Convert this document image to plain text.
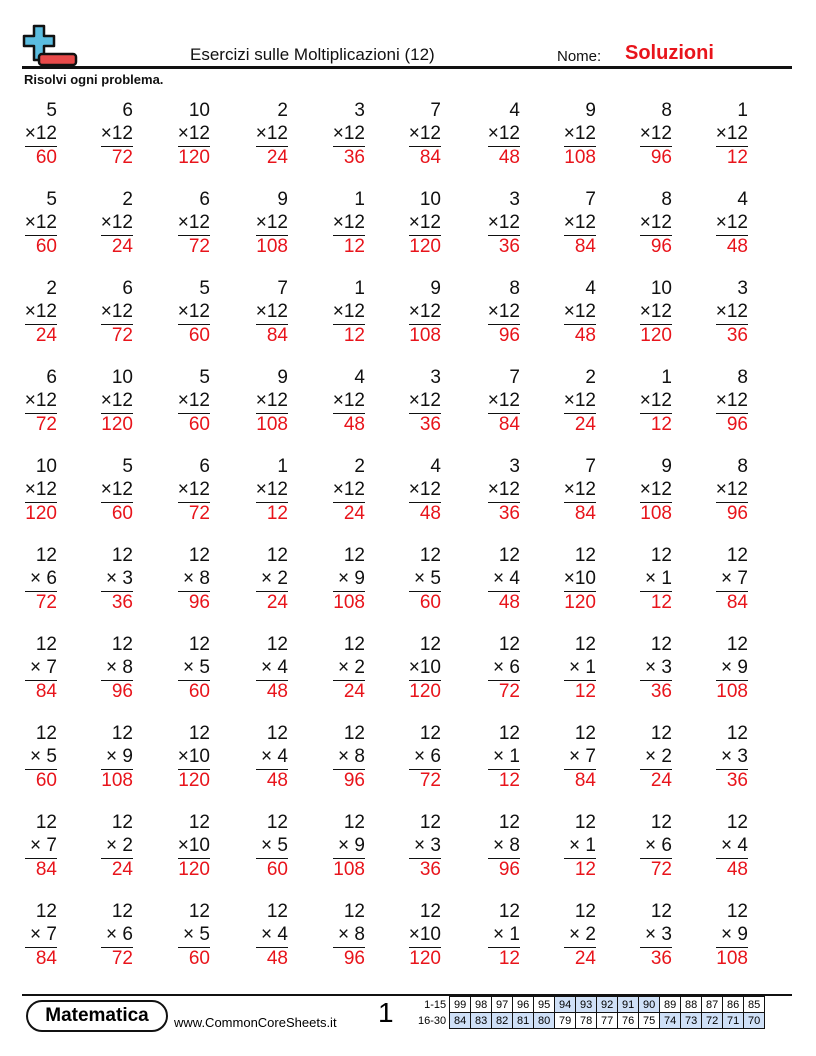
Esercizi sulle Moltiplicazioni (12)	Nome: Soluzioni
Risolvi ogni problema.
5
×12
60
6
×12
72
10
×12
120
2
×12
24
3
×12
36
7
×12
84
4
×12
48
9
×12
108
8
×12
96
1
×12
12
5
×12
60
2
×12
24
6
×12
72
9
×12
108
1
×12
12
10
×12
120
3
×12
36
7
×12
84
8
×12
96
4
×12
48
2
×12
24
6
×12
72
5
×12
60
7
×12
84
1
×12
12
9
×12
108
8
×12
96
4
×12
48
10
×12
120
3
×12
36
6
×12
72
10
×12
120
5
×12
60
9
×12
108
4
×12
48
3
×12
36
7
×12
84
2
×12
24
1
×12
12
8
×12
96
10
×12
120
5
×12
60
6
×12
72
1
×12
12
2
×12
24
4
×12
48
3
×12
36
7
×12
84
9
×12
108
8
×12
96
12
× 6
72
12
× 3
36
12
× 8
96
12
× 2
24
12
× 9
108
12
× 5
60
12
× 4
48
12
×10
120
12
× 1
12
12
× 7
84
12
× 7
84
12
× 8
96
12
× 5
60
12
× 4
48
12
× 2
24
12
×10
120
12
× 6
72
12
× 1
12
12
× 3
36
12
× 9
108
12
× 5
60
12
× 9
108
12
×10
120
12
× 4
48
12
× 8
96
12
× 6
72
12
× 1
12
12
× 7
84
12
× 2
24
12
× 3
36
12
× 7
84
12
× 2
24
12
×10
120
12
× 5
60
12
× 9
108
12
× 3
36
12
× 8
96
12
× 1
12
12
× 6
72
12
× 4
48
12
× 7
84
12
× 6
72
12
× 5
60
12
× 4
48
12
× 8
96
12
×10
120
12
× 1
12
12
× 2
24
12
× 3
36
12
× 9
108
Matematica	www.CommonCoreSheets.it 1	1-15	99	98	97	96	95	94	93	92	91	90	89	88	87	86	85
16-30	84	83	82	81	80	79	78	77	76	75	74	73	72	71	70
